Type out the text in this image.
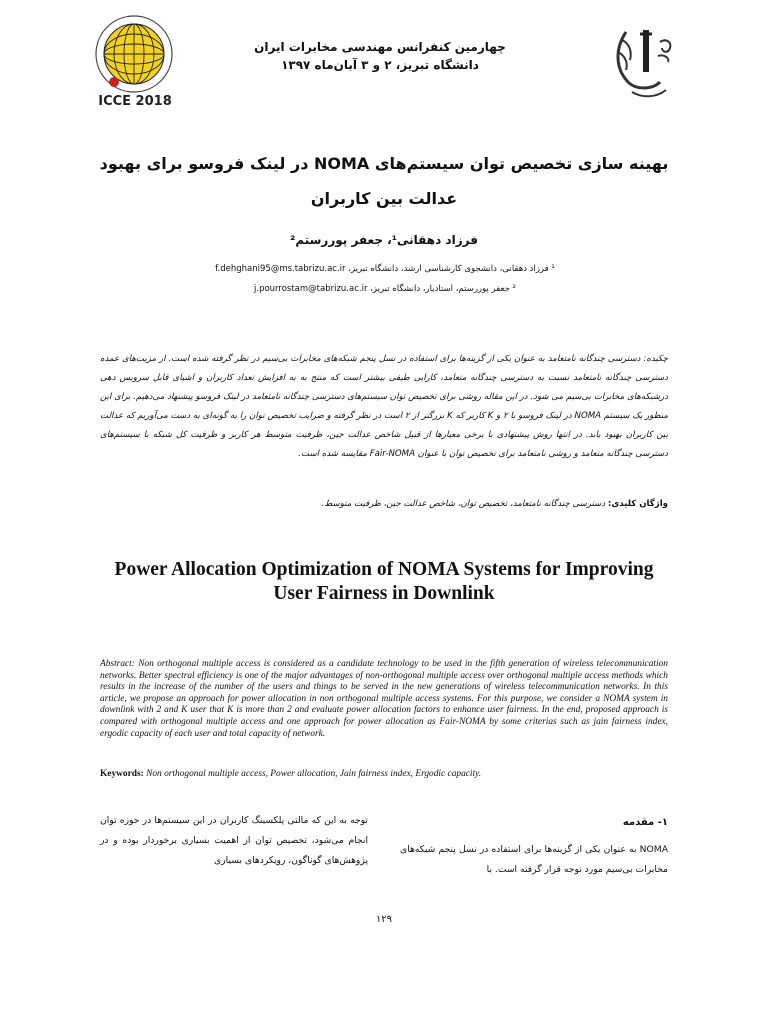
ICCE 2018
چهارمین کنفرانس مهندسی مخابرات ایران
دانشگاه تبریز، ۲ و ۳ آبان‌ماه ۱۳۹۷
بهینه سازی تخصیص توان سیستم‌های NOMA در لینک فروسو برای بهبود عدالت بین کاربران
فرزاد دهقانی¹، جعفر پوررستم²
¹ فرزاد دهقانی، دانشجوی کارشناسی ارشد، دانشگاه تبریز، f.dehghani95@ms.tabrizu.ac.ir
² جعفر پوررستم، استادیار، دانشگاه تبریز، j.pourrostam@tabrizu.ac.ir
چکیده: دسترسی چندگانه نامتعامد به عنوان یکی از گزینه‌ها برای استفاده در نسل پنجم شبکه‌های مخابرات بی‌سیم در نظر گرفته شده است. از مزیت‌های عمده دسترسی چندگانه نامتعامد نسبت به دسترسی چندگانه متعامد، کارایی طیفی بیشتر است که منتج به به افزایش تعداد کاربران و اشیای قابل سرویس دهی درشبکه‌های مخابرات بی‌سیم می شود. در این مقاله روشی برای تخصیص توان سیستم‌های دسترسی چندگانه نامتعامد در لینک فروسو پیشنهاد می‌دهیم. برای این منظور یک سیستم NOMA در لینک فروسو با ۲ و K کاربر که K بزرگتر از ۲ است در نظر گرفته و ضرایب تخصیص توان را به گونه‌ای به دست می‌آوریم که عدالت بین کاربران بهبود یابد. در انتها روش پیشنهادی با برخی معیارها از قبیل شاخص عدالت جین، ظرفیت متوسط هر کاربر و ظرفیت کل شبکه با سیستم‌های دسترسی چندگانه متعامد و روشی نامتعامد برای تخصیص توان با عنوان Fair-NOMA مقایسه شده است.
واژگان کلیدی: دسترسی چندگانه نامتعامد، تخصیص توان، شاخص عدالت جین، ظرفیت متوسط.
Power Allocation Optimization of NOMA Systems for Improving User Fairness in Downlink
Abstract: Non orthogonal multiple access is considered as a candidate technology to be used in the fifth generation of wireless telecommunication networks. Better spectral efficiency is one of the major advantages of non-orthogonal multiple access over orthogonal multiple access methods which results in the increase of the number of the users and things to be served in the new generations of wireless telecommunication networks. In this article, we propose an approach for power allocation in non orthogonal multiple access systems. For this purpose, we consider a NOMA system in downlink with 2 and K user that K is more than 2 and evaluate power allocation factors to enhance user fairness. In the end, proposed approach is compared with orthogonal multiple access and one approach for power allocation as Fair-NOMA by some criterias such as jain fairness index, ergodic capacity of each user and total capacity of network.
Keywords: Non orthogonal multiple access, Power allocation, Jain fairness index, Ergodic capacity.
۱- مقدمه
NOMA به عنوان یکی از گزینه‌ها برای استفاده در نسل پنجم شبکه‌های مخابرات بی‌سیم مورد توجه قرار گرفته است. با
توجه به این که مالتی پلکسینگ کاربران در این سیستم‌ها در حوزه توان انجام می‌شود، تخصیص توان از اهمیت بسیاری برخوردار بوده و در پژوهش‌های گوناگون، رویکردهای بسیاری
۱۲۹
